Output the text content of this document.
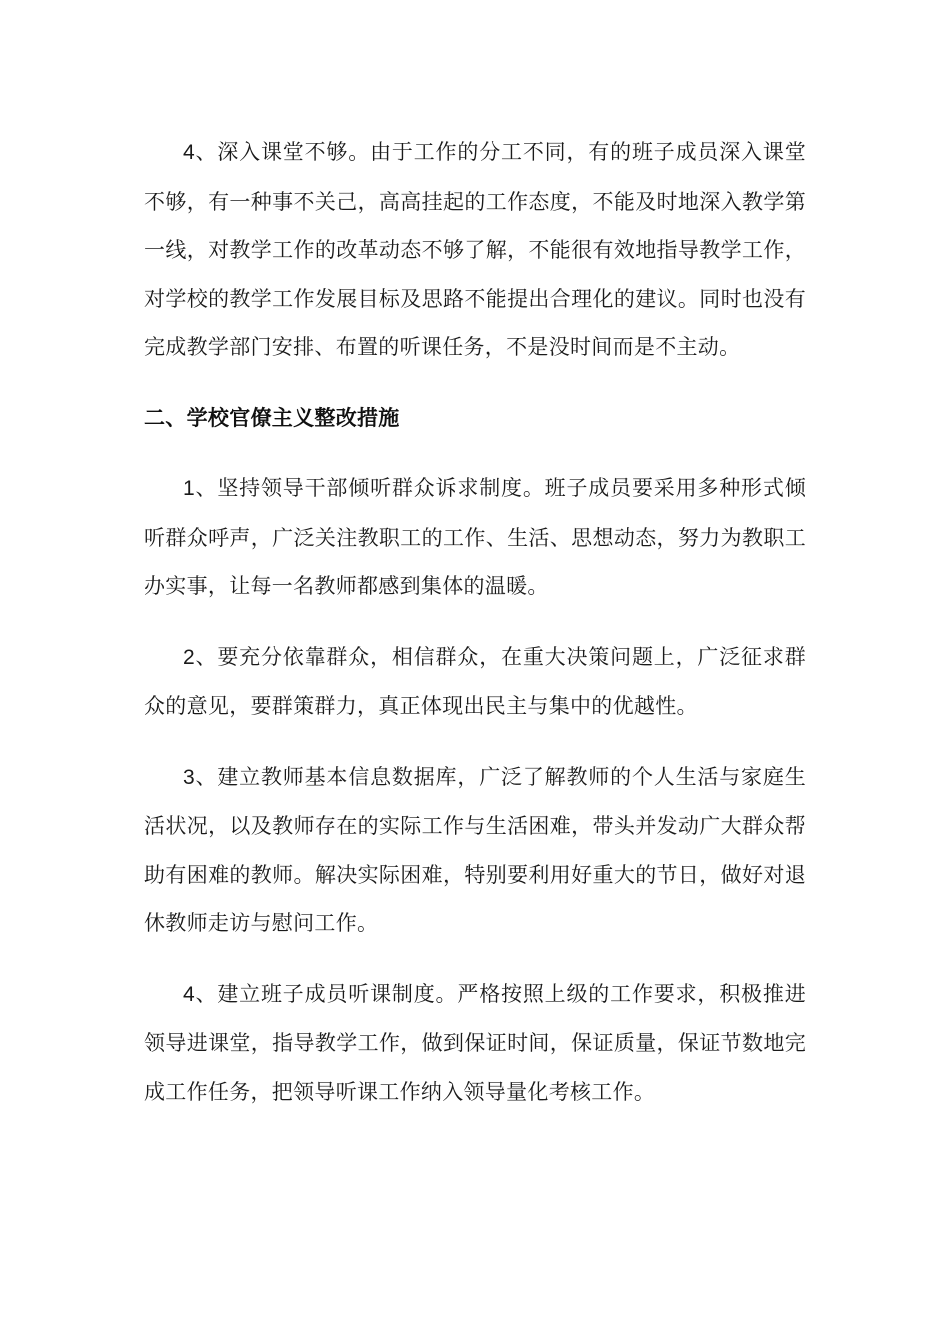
4、深入课堂不够。由于工作的分工不同，有的班子成员深入课堂不够，有一种事不关己，高高挂起的工作态度，不能及时地深入教学第一线，对教学工作的改革动态不够了解，不能很有效地指导教学工作，对学校的教学工作发展目标及思路不能提出合理化的建议。同时也没有完成教学部门安排、布置的听课任务，不是没时间而是不主动。

二、学校官僚主义整改措施

1、坚持领导干部倾听群众诉求制度。班子成员要采用多种形式倾听群众呼声，广泛关注教职工的工作、生活、思想动态，努力为教职工办实事，让每一名教师都感到集体的温暖。

2、要充分依靠群众，相信群众，在重大决策问题上，广泛征求群众的意见，要群策群力，真正体现出民主与集中的优越性。

3、建立教师基本信息数据库，广泛了解教师的个人生活与家庭生活状况，以及教师存在的实际工作与生活困难，带头并发动广大群众帮助有困难的教师。解决实际困难，特别要利用好重大的节日，做好对退休教师走访与慰问工作。

4、建立班子成员听课制度。严格按照上级的工作要求，积极推进领导进课堂，指导教学工作，做到保证时间，保证质量，保证节数地完成工作任务，把领导听课工作纳入领导量化考核工作。
